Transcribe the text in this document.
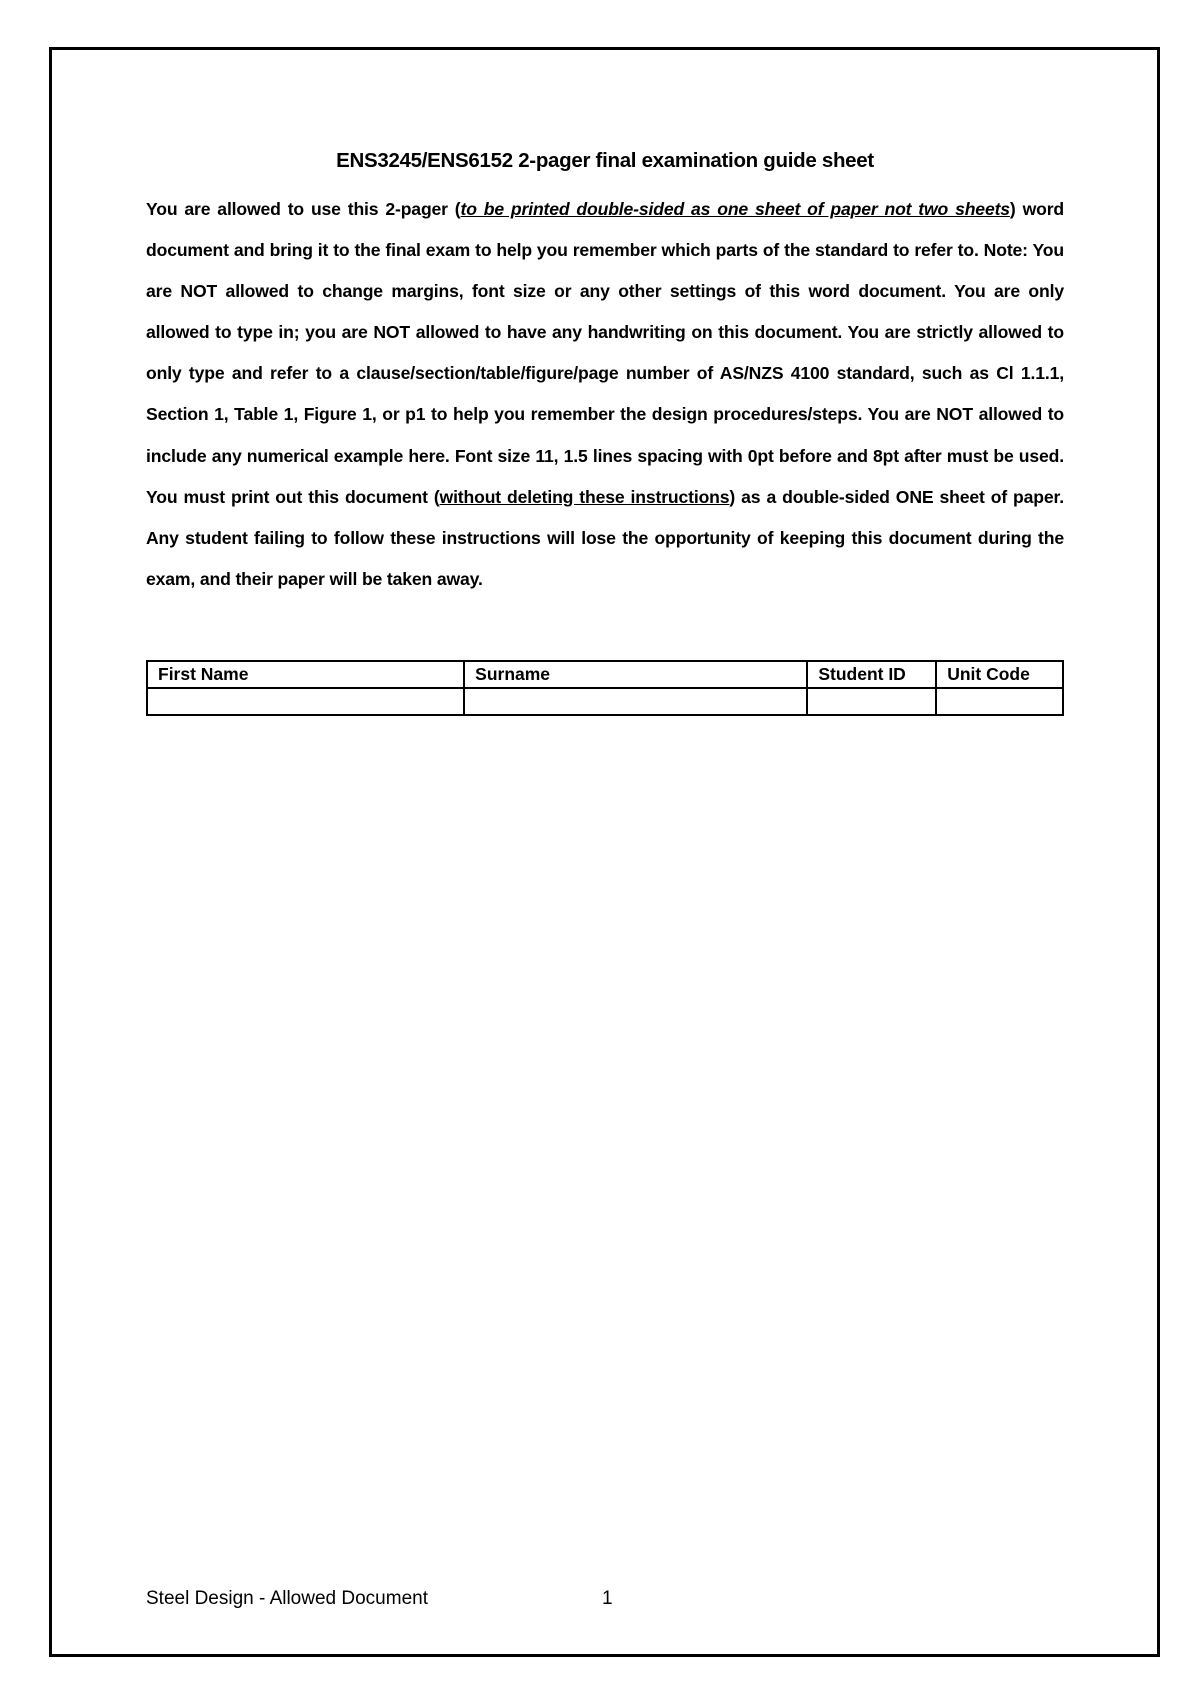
ENS3245/ENS6152 2-pager final examination guide sheet
You are allowed to use this 2-pager (to be printed double-sided as one sheet of paper not two sheets) word document and bring it to the final exam to help you remember which parts of the standard to refer to. Note: You are NOT allowed to change margins, font size or any other settings of this word document. You are only allowed to type in; you are NOT allowed to have any handwriting on this document. You are strictly allowed to only type and refer to a clause/section/table/figure/page number of AS/NZS 4100 standard, such as Cl 1.1.1, Section 1, Table 1, Figure 1, or p1 to help you remember the design procedures/steps. You are NOT allowed to include any numerical example here. Font size 11, 1.5 lines spacing with 0pt before and 8pt after must be used. You must print out this document (without deleting these instructions) as a double-sided ONE sheet of paper. Any student failing to follow these instructions will lose the opportunity of keeping this document during the exam, and their paper will be taken away.
First Name	Surname	Student ID	Unit Code

Steel Design - Allowed Document	1
